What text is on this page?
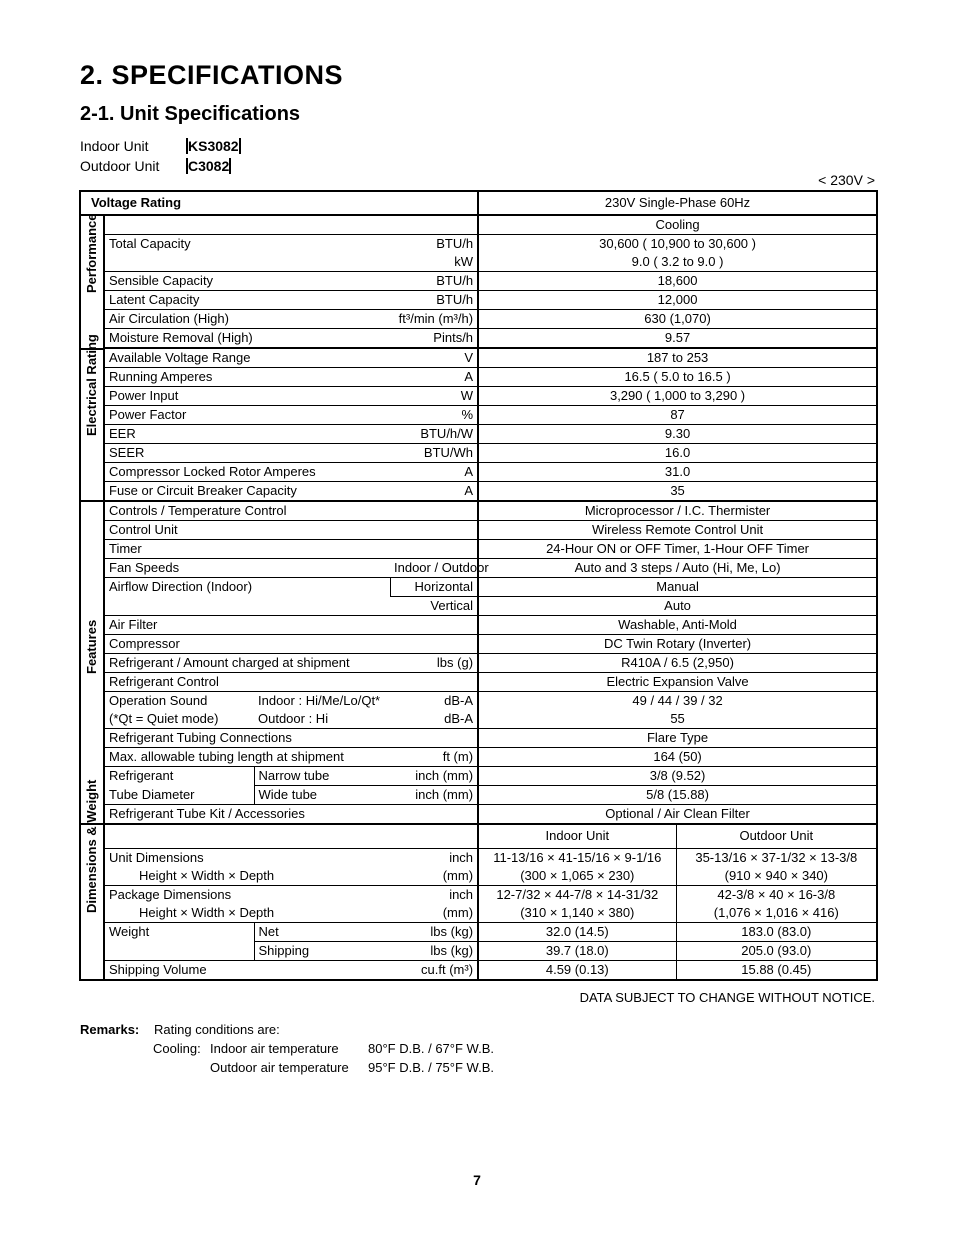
2. SPECIFICATIONS
2-1. Unit Specifications
Indoor Unit	KS3082
Outdoor Unit C3082
< 230V >
Voltage Rating				230V Single-Phase 60Hz	

Performance				Cooling	
	Total Capacity		BTU/h	30,600 ( 10,900 to 30,600 )	
			kW	9.0 ( 3.2 to 9.0 )	
	Sensible Capacity		BTU/h	18,600	
	Latent Capacity		BTU/h	12,000	
	Air Circulation (High)		ft³/min (m³/h)	630 (1,070)	
	Moisture Removal (High)		Pints/h	9.57	

Electrical Rating	Available Voltage Range		V	187 to 253	
	Running Amperes		A	16.5 ( 5.0 to 16.5 )	
	Power Input		W	3,290 ( 1,000 to 3,290 )	
	Power Factor		%	87	
	EER		BTU/h/W	9.30	
	SEER		BTU/Wh	16.0	
	Compressor Locked Rotor Amperes		A	31.0	
	Fuse or Circuit Breaker Capacity		A	35	

Features	Controls / Temperature Control			Microprocessor / I.C. Thermister	
	Control Unit			Wireless Remote Control Unit	
	Timer			24-Hour ON or OFF Timer, 1-Hour OFF Timer	
	Fan Speeds		Indoor / Outdoor	Auto and 3 steps / Auto (Hi, Me, Lo)	
	Airflow Direction (Indoor)		Horizontal	Manual	
			Vertical	Auto	
	Air Filter			Washable, Anti-Mold	
	Compressor			DC Twin Rotary (Inverter)	
	Refrigerant / Amount charged at shipment		lbs (g)	R410A / 6.5 (2,950)	
	Refrigerant Control			Electric Expansion Valve	
	Operation Sound	Indoor : Hi/Me/Lo/Qt*	dB-A	49 / 44 / 39 / 32	
	(*Qt = Quiet mode)	Outdoor : Hi	dB-A	55	
	Refrigerant Tubing Connections			Flare Type	
	Max. allowable tubing length at shipment		ft (m)	164 (50)	
	Refrigerant	Narrow tube	inch (mm)	3/8 (9.52)	
	Tube Diameter	Wide tube	inch (mm)	5/8 (15.88)	
	Refrigerant Tube Kit / Accessories			Optional / Air Clean Filter	

Dimensions & Weight				Indoor Unit	Outdoor Unit
	Unit Dimensions		inch	11-13/16 × 41-15/16 × 9-1/16	35-13/16 × 37-1/32 × 13-3/8
	Height × Width × Depth		(mm)	(300 × 1,065 × 230)	(910 × 940 × 340)
	Package Dimensions		inch	12-7/32 × 44-7/8 × 14-31/32	42-3/8 × 40 × 16-3/8
	Height × Width × Depth		(mm)	(310 × 1,140 × 380)	(1,076 × 1,016 × 416)
	Weight	Net	lbs (kg)	32.0 (14.5)	183.0 (83.0)
		Shipping	lbs (kg)	39.7 (18.0)	205.0 (93.0)
	Shipping Volume		cu.ft (m³)	4.59 (0.13)	15.88 (0.45)
DATA SUBJECT TO CHANGE WITHOUT NOTICE.
Remarks: Rating conditions are:
Cooling: Indoor air temperature 80°F D.B. / 67°F W.B.
Outdoor air temperature 95°F D.B. / 75°F W.B.
7
